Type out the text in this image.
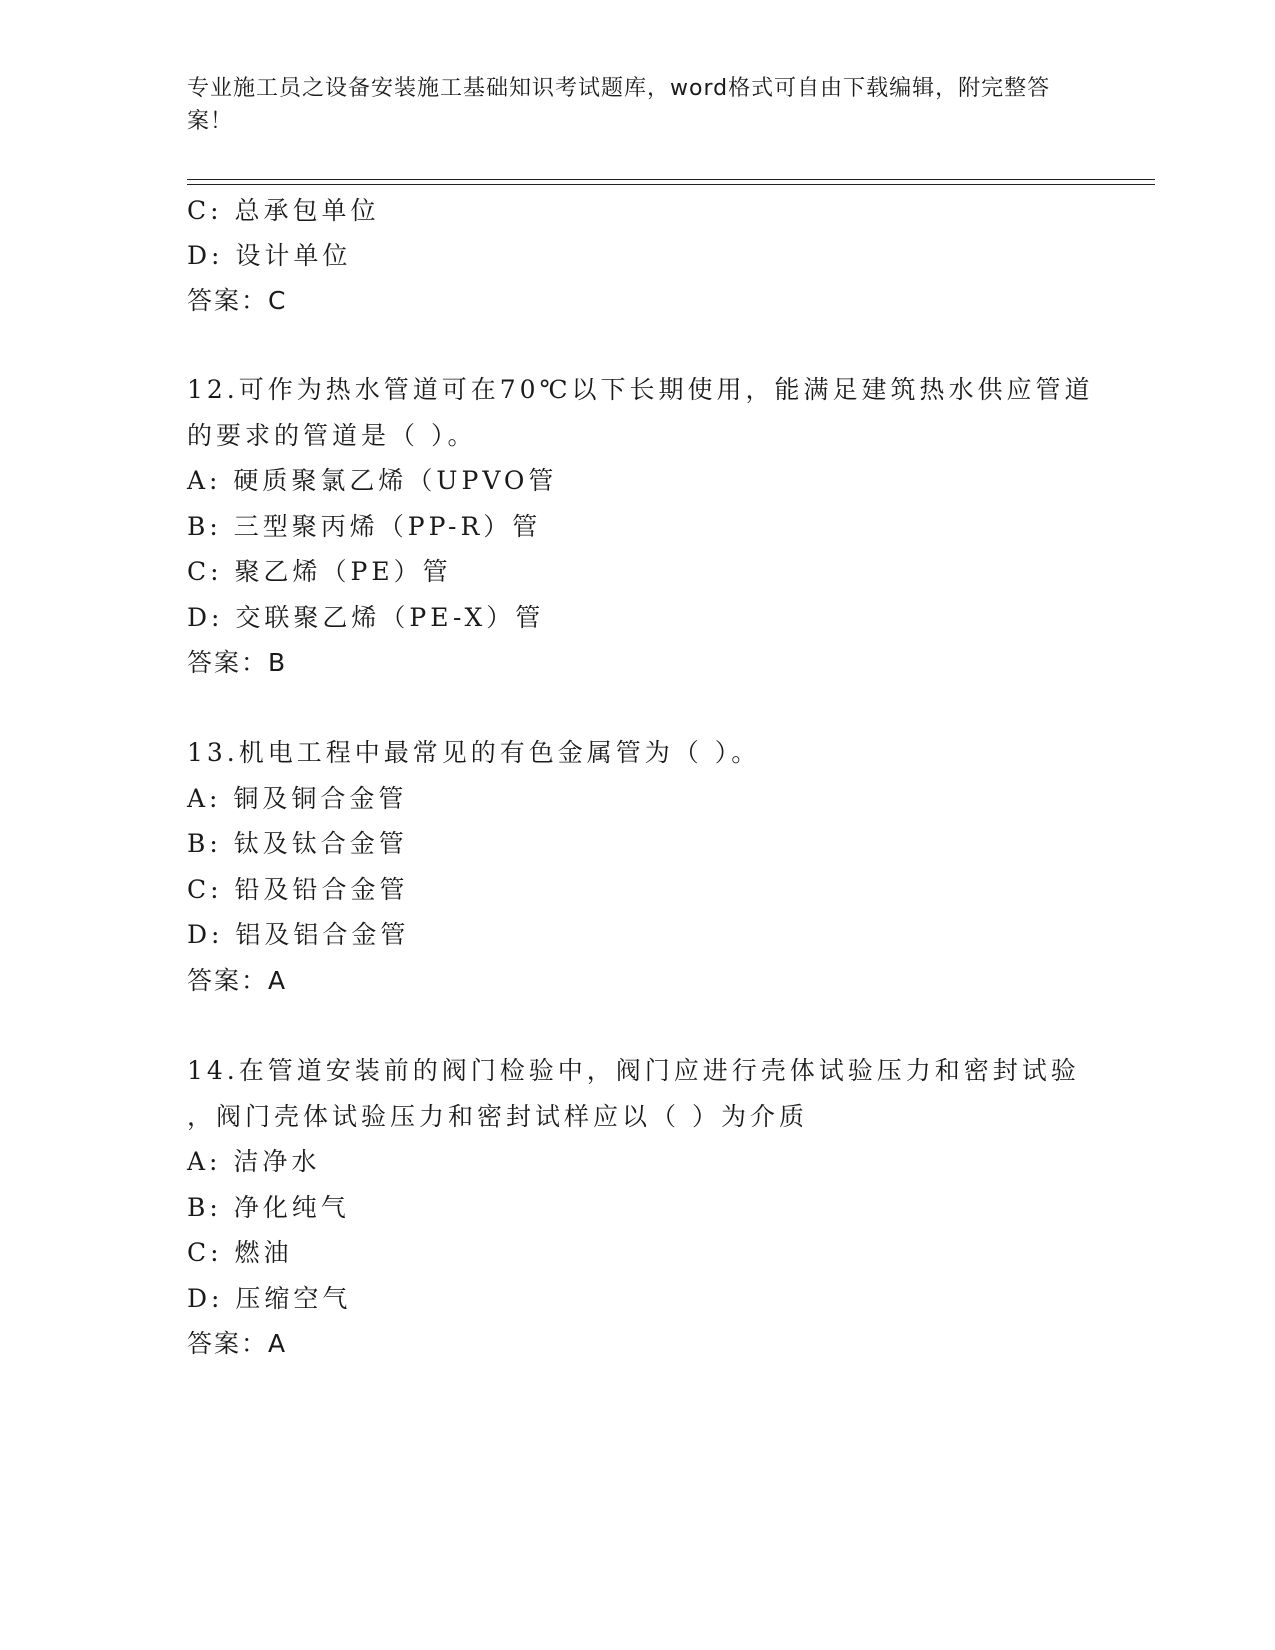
专业施工员之设备安装施工基础知识考试题库，word格式可自由下载编辑，附完整答案！
C: 总承包单位
D: 设计单位
答案：C
12.可作为热水管道可在70℃以下长期使用，能满足建筑热水供应管道
的要求的管道是（ ）。
A: 硬质聚氯乙烯（UPVO管
B: 三型聚丙烯（PP-R）管
C: 聚乙烯（PE）管
D: 交联聚乙烯（PE-X）管
答案：B
13.机电工程中最常见的有色金属管为（ ）。
A: 铜及铜合金管
B: 钛及钛合金管
C: 铅及铅合金管
D: 铝及铝合金管
答案：A
14.在管道安装前的阀门检验中，阀门应进行壳体试验压力和密封试验
，阀门壳体试验压力和密封试样应以（ ）为介质
A: 洁净水
B: 净化纯气
C: 燃油
D: 压缩空气
答案：A
